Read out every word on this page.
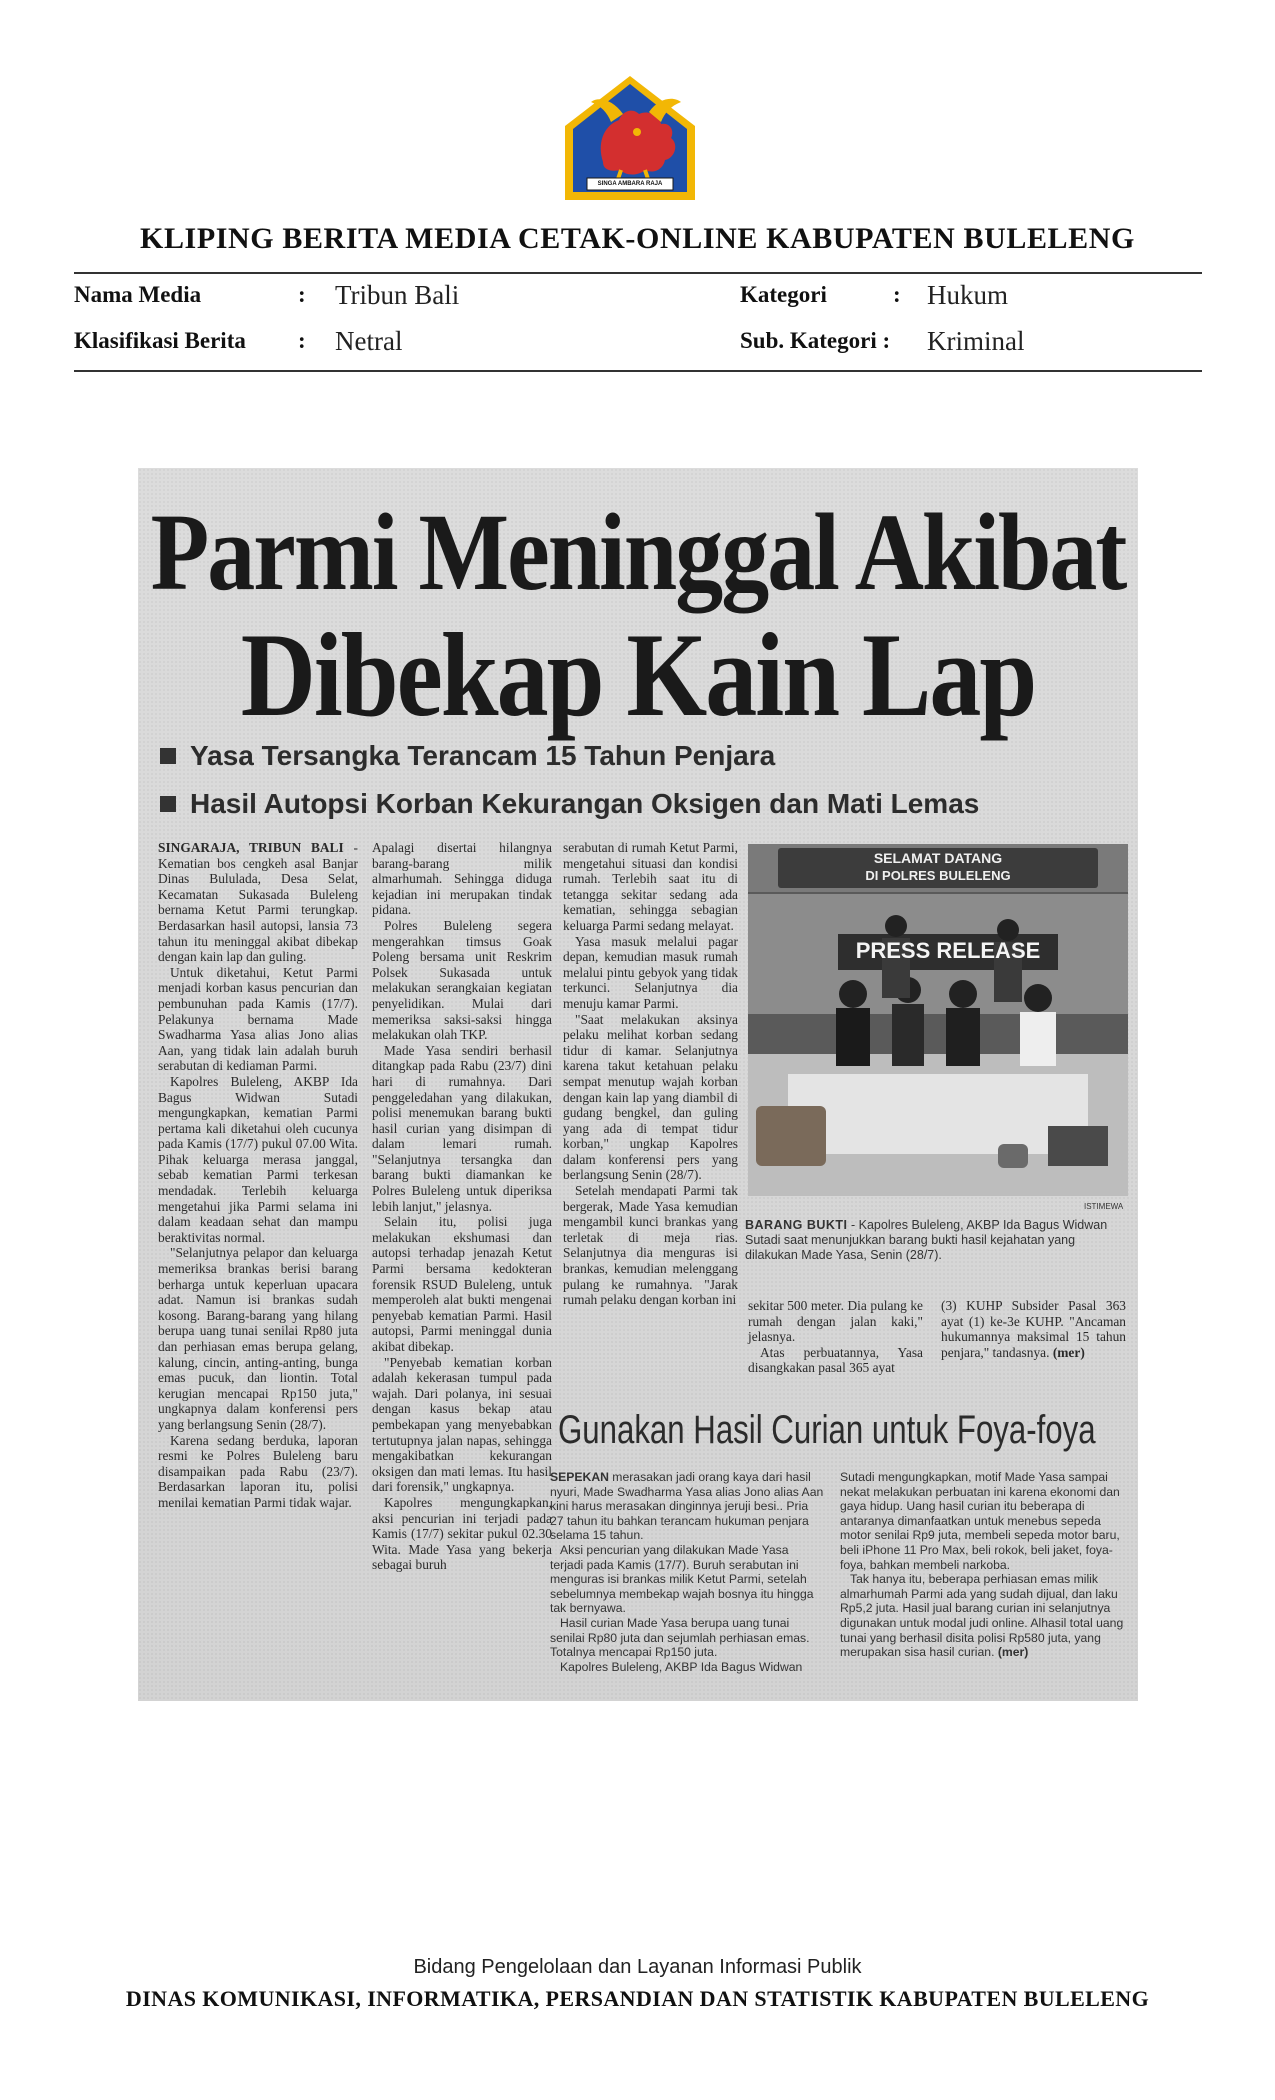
SINGA AMBARA RAJA
KLIPING BERITA MEDIA CETAK-ONLINE KABUPATEN BULELENG
Nama Media	: Tribun Bali	Kategori	: Hukum
Klasifikasi Berita : Netral	Sub. Kategori : Kriminal
Parmi Meninggal Akibat
Dibekap Kain Lap
Yasa Tersangka Terancam 15 Tahun Penjara
Hasil Autopsi Korban Kekurangan Oksigen dan Mati Lemas

SINGARAJA, TRIBUN BALI - Kematian bos cengkeh asal Banjar Dinas Bululada, Desa Selat, Kecamatan Sukasada Buleleng bernama Ketut Parmi terungkap. Berdasarkan hasil autopsi, lansia 73 tahun itu meninggal akibat dibekap dengan kain lap dan guling.

Untuk diketahui, Ketut Parmi menjadi korban kasus pencurian dan pembunuhan pada Kamis (17/7). Pelakunya bernama Made Swadharma Yasa alias Jono alias Aan, yang tidak lain adalah buruh serabutan di kediaman Parmi.

Kapolres Buleleng, AKBP Ida Bagus Widwan Sutadi mengungkapkan, kematian Parmi pertama kali diketahui oleh cucunya pada Kamis (17/7) pukul 07.00 Wita. Pihak keluarga merasa janggal, sebab kematian Parmi terkesan mendadak. Terlebih keluarga mengetahui jika Parmi selama ini dalam keadaan sehat dan mampu beraktivitas normal.

"Selanjutnya pelapor dan keluarga memeriksa brankas berisi barang berharga untuk keperluan upacara adat. Namun isi brankas sudah kosong. Barang-barang yang hilang berupa uang tunai senilai Rp80 juta dan perhiasan emas berupa gelang, kalung, cincin, anting-anting, bunga emas pucuk, dan liontin. Total kerugian mencapai Rp150 juta," ungkapnya dalam konferensi pers yang berlangsung Senin (28/7).

Karena sedang berduka, laporan resmi ke Polres Buleleng baru disampaikan pada Rabu (23/7). Berdasarkan laporan itu, polisi menilai kematian Parmi tidak wajar.

Apalagi disertai hilangnya barang-barang milik almarhumah. Sehingga diduga kejadian ini merupakan tindak pidana.

Polres Buleleng segera mengerahkan timsus Goak Poleng bersama unit Reskrim Polsek Sukasada untuk melakukan serangkaian kegiatan penyelidikan. Mulai dari memeriksa saksi-saksi hingga melakukan olah TKP.

Made Yasa sendiri berhasil ditangkap pada Rabu (23/7) dini hari di rumahnya. Dari penggeledahan yang dilakukan, polisi menemukan barang bukti hasil curian yang disimpan di dalam lemari rumah. "Selanjutnya tersangka dan barang bukti diamankan ke Polres Buleleng untuk diperiksa lebih lanjut," jelasnya.

Selain itu, polisi juga melakukan ekshumasi dan autopsi terhadap jenazah Ketut Parmi bersama kedokteran forensik RSUD Buleleng, untuk memperoleh alat bukti mengenai penyebab kematian Parmi. Hasil autopsi, Parmi meninggal dunia akibat dibekap.

"Penyebab kematian korban adalah kekerasan tumpul pada wajah. Dari polanya, ini sesuai dengan kasus bekap atau pembekapan yang menyebabkan tertutupnya jalan napas, sehingga mengakibatkan kekurangan oksigen dan mati lemas. Itu hasil dari forensik," ungkapnya.

Kapolres mengungkapkan, aksi pencurian ini terjadi pada Kamis (17/7) sekitar pukul 02.30 Wita. Made Yasa yang bekerja sebagai buruh

serabutan di rumah Ketut Parmi, mengetahui situasi dan kondisi rumah. Terlebih saat itu di tetangga sekitar sedang ada kematian, sehingga sebagian keluarga Parmi sedang melayat.

Yasa masuk melalui pagar depan, kemudian masuk rumah melalui pintu gebyok yang tidak terkunci. Selanjutnya dia menuju kamar Parmi.

"Saat melakukan aksinya pelaku melihat korban sedang tidur di kamar. Selanjutnya karena takut ketahuan pelaku sempat menutup wajah korban dengan kain lap yang diambil di gudang bengkel, dan guling yang ada di tempat tidur korban," ungkap Kapolres dalam konferensi pers yang berlangsung Senin (28/7).

Setelah mendapati Parmi tak bergerak, Made Yasa kemudian mengambil kunci brankas yang terletak di meja rias. Selanjutnya dia menguras isi brankas, kemudian melenggang pulang ke rumahnya. "Jarak rumah pelaku dengan korban ini

SELAMAT DATANG
DI POLRES BULELENG
PRESS RELEASE
ISTIMEWA
BARANG BUKTI - Kapolres Buleleng, AKBP Ida Bagus Widwan Sutadi saat menunjukkan barang bukti hasil kejahatan yang dilakukan Made Yasa, Senin (28/7).

sekitar 500 meter. Dia pulang ke rumah dengan jalan kaki," jelasnya.

Atas perbuatannya, Yasa disangkakan pasal 365 ayat

(3) KUHP Subsider Pasal 363 ayat (1) ke-3e KUHP. "Ancaman hukumannya maksimal 15 tahun penjara," tandasnya. (mer)

Gunakan Hasil Curian untuk Foya-foya

SEPEKAN merasakan jadi orang kaya dari hasil nyuri, Made Swadharma Yasa alias Jono alias Aan kini harus merasakan dinginnya jeruji besi.. Pria 27 tahun itu bahkan terancam hukuman penjara selama 15 tahun.

Aksi pencurian yang dilakukan Made Yasa terjadi pada Kamis (17/7). Buruh serabutan ini menguras isi brankas milik Ketut Parmi, setelah sebelumnya membekap wajah bosnya itu hingga tak bernyawa.

Hasil curian Made Yasa berupa uang tunai senilai Rp80 juta dan sejumlah perhiasan emas. Totalnya mencapai Rp150 juta.

Kapolres Buleleng, AKBP Ida Bagus Widwan

Sutadi mengungkapkan, motif Made Yasa sampai nekat melakukan perbuatan ini karena ekonomi dan gaya hidup. Uang hasil curian itu beberapa di antaranya dimanfaatkan untuk menebus sepeda motor senilai Rp9 juta, membeli sepeda motor baru, beli iPhone 11 Pro Max, beli rokok, beli jaket, foya-foya, bahkan membeli narkoba.

Tak hanya itu, beberapa perhiasan emas milik almarhumah Parmi ada yang sudah dijual, dan laku Rp5,2 juta. Hasil jual barang curian ini selanjutnya digunakan untuk modal judi online. Alhasil total uang tunai yang berhasil disita polisi Rp580 juta, yang merupakan sisa hasil curian. (mer)

Bidang Pengelolaan dan Layanan Informasi Publik
DINAS KOMUNIKASI, INFORMATIKA, PERSANDIAN DAN STATISTIK KABUPATEN BULELENG
